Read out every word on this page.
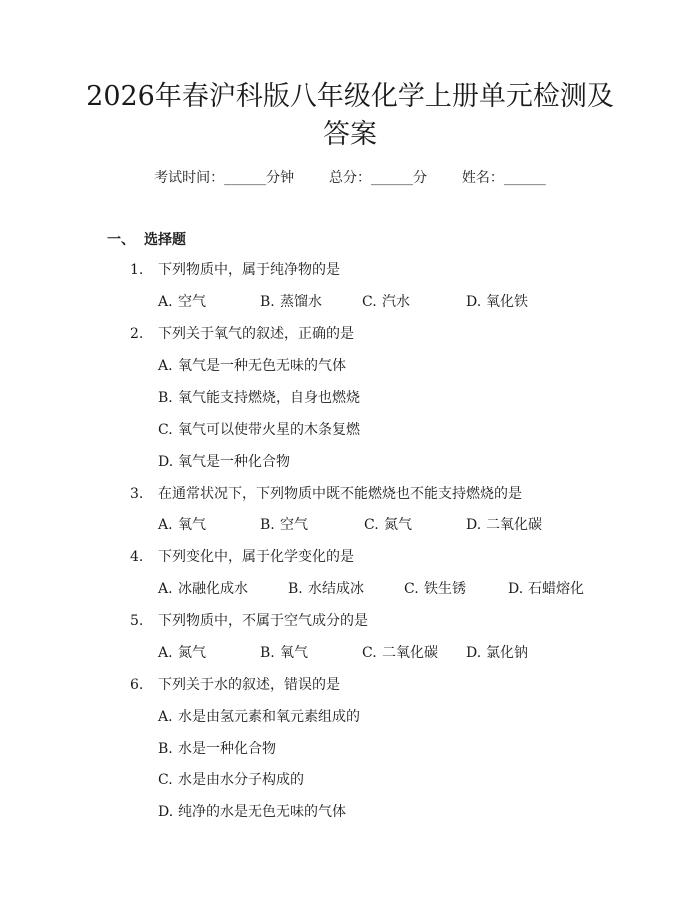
2026年春沪科版八年级化学上册单元检测及
答案
考试时间：______分钟 总分：______分 姓名：______
一、 选择题
1. 下列物质中，属于纯净物的是
A. 空气	B. 蒸馏水	C. 汽水	D. 氧化铁
2. 下列关于氧气的叙述，正确的是
A. 氧气是一种无色无味的气体
B. 氧气能支持燃烧，自身也燃烧
C. 氧气可以使带火星的木条复燃
D. 氧气是一种化合物
3. 在通常状况下，下列物质中既不能燃烧也不能支持燃烧的是
A. 氧气	B. 空气	C. 氮气	D. 二氧化碳
4. 下列变化中，属于化学变化的是
A. 冰融化成水	B. 水结成冰	C. 铁生锈	D. 石蜡熔化
5. 下列物质中，不属于空气成分的是
A. 氮气	B. 氧气	C. 二氧化碳 D. 氯化钠
6. 下列关于水的叙述，错误的是
A. 水是由氢元素和氧元素组成的
B. 水是一种化合物
C. 水是由水分子构成的
D. 纯净的水是无色无味的气体
